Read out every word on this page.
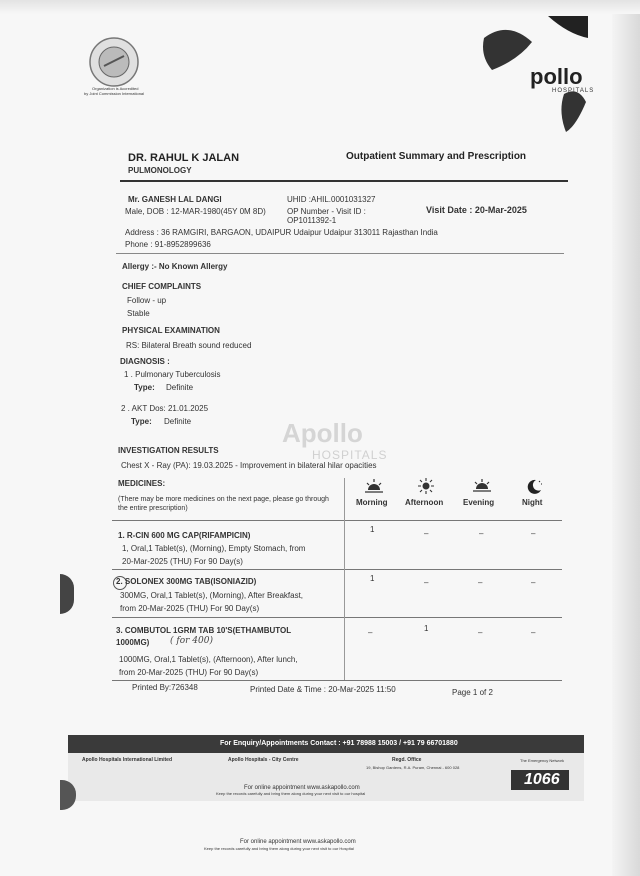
Organization is Accredited
by Joint Commission International
pollo
HOSPITALS
DR. RAHUL K JALAN
PULMONOLOGY
Outpatient Summary and Prescription
Mr. GANESH LAL DANGI	UHID :AHIL.0001031327
Male, DOB : 12-MAR-1980(45Y 0M 8D)	OP Number - Visit ID :
OP1011392-1
Visit Date : 20-Mar-2025
Address : 36 RAMGIRI, BARGAON, UDAIPUR Udaipur Udaipur 313011 Rajasthan India
Phone : 91-8952899636
Allergy :- No Known Allergy
CHIEF COMPLAINTS
Follow - up
Stable
PHYSICAL EXAMINATION
RS: Bilateral Breath sound reduced
DIAGNOSIS :
1 . Pulmonary Tuberculosis
Type: Definite
2 . AKT Dos: 21.01.2025
Type: Definite	Apollo
HOSPITALS
INVESTIGATION RESULTS
Chest X - Ray (PA): 19.03.2025 - Improvement in bilateral hilar opacities
MEDICINES:
(There may be more medicines on the next page, please go through the entire prescription)
Morning Afternoon Evening	Night
1. R-CIN 600 MG CAP(RIFAMPICIN)
1, Oral,1 Tablet(s), (Morning), Empty Stomach, from
20-Mar-2025 (THU) For 90 Day(s)
1	–	–	–
2. SOLONEX 300MG TAB(ISONIAZID)
300MG, Oral,1 Tablet(s), (Morning), After Breakfast,
from 20-Mar-2025 (THU) For 90 Day(s)
1	–	–	–
3. COMBUTOL 1GRM TAB 10'S(ETHAMBUTOL
1000MG) ( for 400)
1000MG, Oral,1 Tablet(s), (Afternoon), After lunch,
from 20-Mar-2025 (THU) For 90 Day(s)
–	1	–	–
Printed By:726348	Printed Date & Time : 20-Mar-2025 11:50	Page 1 of 2
For Enquiry/Appointments Contact : +91 78988 15003 / +91 79 66701880
Apollo Hospitals International Limited	Apollo Hospitals - City Centre	Regd. Office
19, Bishop Gardens, R.A. Puram, Chennai - 600 028
For online appointment www.askapollo.com
Keep the records carefully and bring them along during your next visit to our hospital
The Emergency Network
1066
For online appointment www.askapollo.com
Keep the records carefully and bring them along during your next visit to our Hospital
